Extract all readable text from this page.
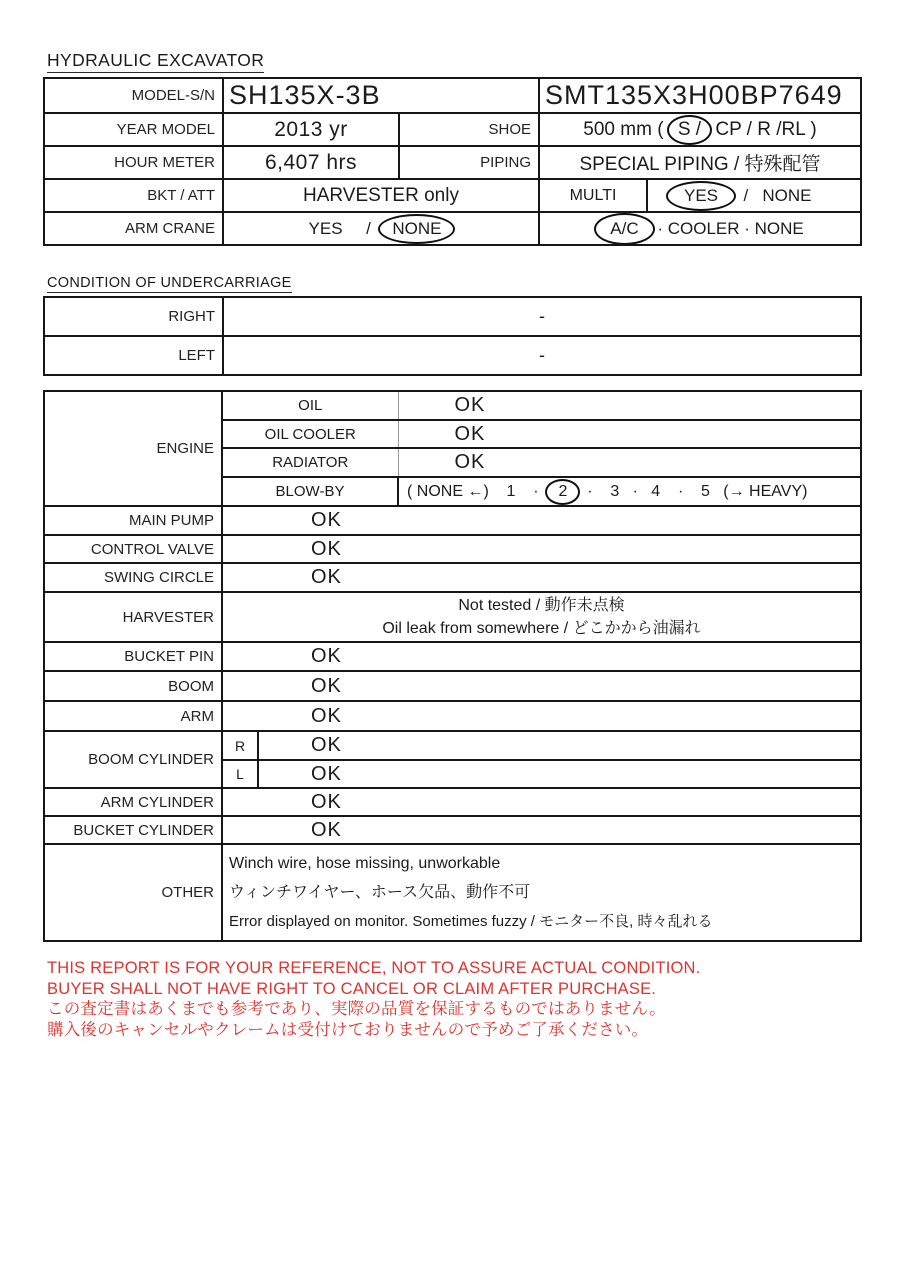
HYDRAULIC EXCAVATOR
MODEL-S/N	SH135X-3B		SMT135X3H00BP7649	
YEAR MODEL	2013 yr	SHOE	500 mm ( S / CP / R /RL )	
HOUR METER	6,407 hrs	PIPING	SPECIAL PIPING / 特殊配管	
BKT / ATT	HARVESTER only		MULTI	YES  /   NONE
ARM CRANE	YES     /  NONE		A/C · COOLER · NONE	
CONDITION OF UNDERCARRIAGE
RIGHT	-
LEFT	-
ENGINE	OIL		OK
	OIL COOLER		OK
	RADIATOR		OK
	BLOW-BY		( NONE ←)    1    ·  2  ·    3   ·   4    ·    5   (→ HEAVY)
MAIN PUMP	OK		
CONTROL VALVE	OK		
SWING CIRCLE	OK		
HARVESTER	Not tested / 動作未点検
Oil leak from somewhere / どこかから油漏れ		

BUCKET PIN	OK		
BOOM	OK		
ARM	OK		
BOOM CYLINDER	R	OK	
	L	OK	
ARM CYLINDER	OK		
BUCKET CYLINDER	OK		
OTHER	Winch wire, hose missing, unworkable
ウィンチワイヤー、ホース欠品、動作不可
Error displayed on monitor. Sometimes fuzzy / モニター不良, 時々乱れる		
THIS REPORT IS FOR YOUR REFERENCE, NOT TO ASSURE ACTUAL CONDITION.
BUYER SHALL NOT HAVE RIGHT TO CANCEL OR CLAIM AFTER PURCHASE.
この査定書はあくまでも参考であり、実際の品質を保証するものではありません。
購入後のキャンセルやクレームは受付けておりませんので予めご了承ください。
